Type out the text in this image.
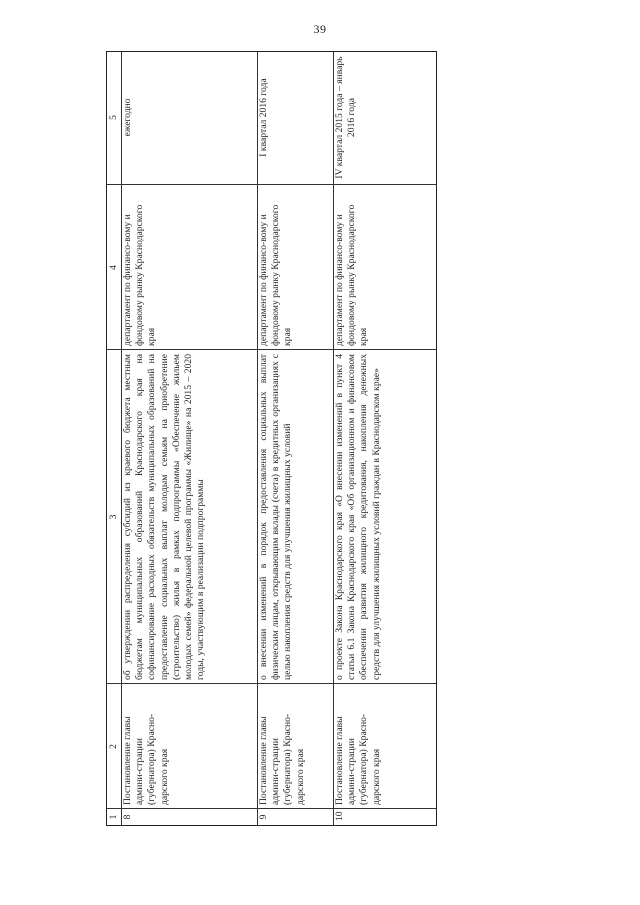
39
1
2
3
4
5
8
Постановление главы админи-страции (губернатора) Красно-дарского края
об утверждении распределения субсидий из краевого бюджета местным бюджетам муниципальных образований Краснодарского края на софинансирование расходных обязательств муниципальных образований на предоставление социальных выплат молодым семьям на приобретение (строительство) жилья в рамках подпрограммы «Обеспечение жильем молодых семей» федеральной целевой программы «Жилище» на 2015 – 2020 годы, участвующим в реализации подпрограммы
департамент по финансо-вому и фондовому рынку Краснодарского края
ежегодно
9
Постановление главы админи-страции (губернатора) Красно-дарского края
о внесении изменений в порядок предоставления социальных выплат физическим лицам, открывающим вклады (счета) в кредитных организациях с целью накопления средств для улучшения жилищных условий
департамент по финансо-вому и фондовому рынку Краснодарского края
I квартал 2016 года
10
Постановление главы админи-страции (губернатора) Красно-дарского края
о проекте Закона Краснодарского края «О внесении изменений в пункт 4 статьи 6.1 Закона Краснодарского края «Об организационном и финансовом обеспечении развития жилищного кредитования, накопления денежных средств для улучшения жилищных условий граждан в Краснодарском крае»
департамент по финансо-вому и фондовому рынку Краснодарского края
IV квартал 2015 года – январь 2016 года
